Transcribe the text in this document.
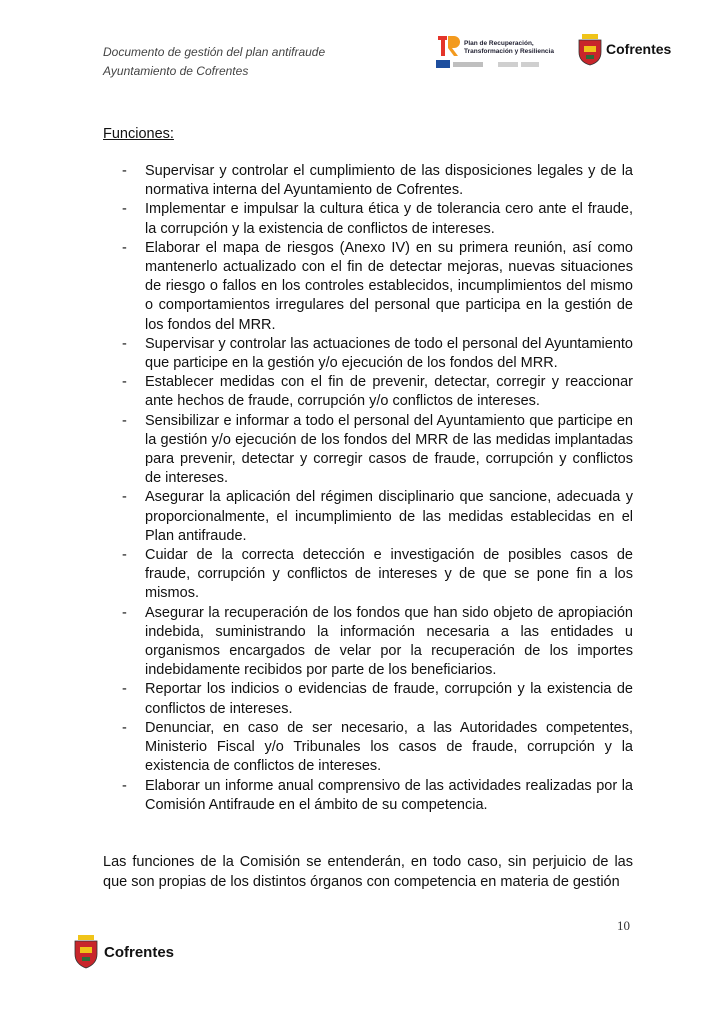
Documento de gestión del plan antifraude
Ayuntamiento de Cofrentes
Plan de Recuperación,
Transformación y Resiliencia	Cofrentes
Funciones:
- Supervisar y controlar el cumplimiento de las disposiciones legales y de la normativa interna del Ayuntamiento de Cofrentes.
- Implementar e impulsar la cultura ética y de tolerancia cero ante el fraude, la corrupción y la existencia de conflictos de intereses.
- Elaborar el mapa de riesgos (Anexo IV) en su primera reunión, así como mantenerlo actualizado con el fin de detectar mejoras, nuevas situaciones de riesgo o fallos en los controles establecidos, incumplimientos del mismo o comportamientos irregulares del personal que participa en la gestión de los fondos del MRR.
- Supervisar y controlar las actuaciones de todo el personal del Ayuntamiento que participe en la gestión y/o ejecución de los fondos del MRR.
- Establecer medidas con el fin de prevenir, detectar, corregir y reaccionar ante hechos de fraude, corrupción y/o conflictos de intereses.
- Sensibilizar e informar a todo el personal del Ayuntamiento que participe en la gestión y/o ejecución de los fondos del MRR de las medidas implantadas para prevenir, detectar y corregir casos de fraude, corrupción y conflictos de intereses.
- Asegurar la aplicación del régimen disciplinario que sancione, adecuada y proporcionalmente, el incumplimiento de las medidas establecidas en el Plan antifraude.
- Cuidar de la correcta detección e investigación de posibles casos de fraude, corrupción y conflictos de intereses y de que se pone fin a los mismos.
- Asegurar la recuperación de los fondos que han sido objeto de apropiación indebida, suministrando la información necesaria a las entidades u organismos encargados de velar por la recuperación de los importes indebidamente recibidos por parte de los beneficiarios.
- Reportar los indicios o evidencias de fraude, corrupción y la existencia de conflictos de intereses.
- Denunciar, en caso de ser necesario, a las Autoridades competentes, Ministerio Fiscal y/o Tribunales los casos de fraude, corrupción y la existencia de conflictos de intereses.
- Elaborar un informe anual comprensivo de las actividades realizadas por la Comisión Antifraude en el ámbito de su competencia.

Las funciones de la Comisión se entenderán, en todo caso, sin perjuicio de las que son propias de los distintos órganos con competencia en materia de gestión

10
Cofrentes
